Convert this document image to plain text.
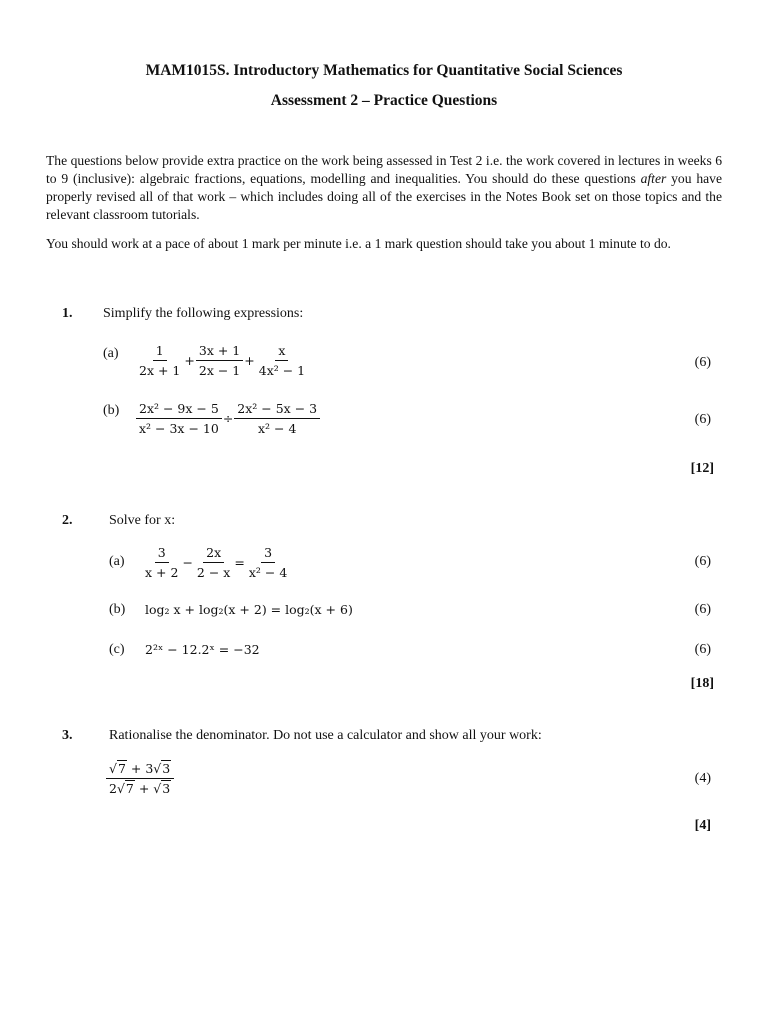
MAM1015S. Introductory Mathematics for Quantitative Social Sciences
Assessment 2 – Practice Questions

The questions below provide extra practice on the work being assessed in Test 2 i.e. the work covered in lectures in weeks 6 to 9 (inclusive): algebraic fractions, equations, modelling and inequalities. You should do these questions after you have properly revised all of that work – which includes doing all of the exercises in the Notes Book set on those topics and the relevant classroom tutorials.

You should work at a pace of about 1 mark per minute i.e. a 1 mark question should take you about 1 minute to do.

1. Simplify the following expressions:
$(a) \frac{1}{2x + 1} + \frac{3x + 1}{2x - 1} + \frac{x}{\text{4x² − 1}}$	(6)
$(b) \frac{\text{2x² − 9x − 5}}{\text{x² − 3x − 10}} \div \frac{\text{2x² − 5x − 3}}{\text{x² − 4}}$	(6)
[12]
2.	Solve for x:
$(a) \frac{3}{x + 2} - \frac{2x}{2 - x} = \frac{3}{\text{x² − 4}}$	(6)
(b) log₂ x + log₂(x + 2) = log₂(x + 6)	(6)
(c) 2²ˣ − 12.2ˣ = −32	(6)
[18]
3.	Rationalise the denominator. Do not use a calculator and show all your work:
$\frac{√7 + 3√3}{2√7 + √3}$	(4)
[4]
